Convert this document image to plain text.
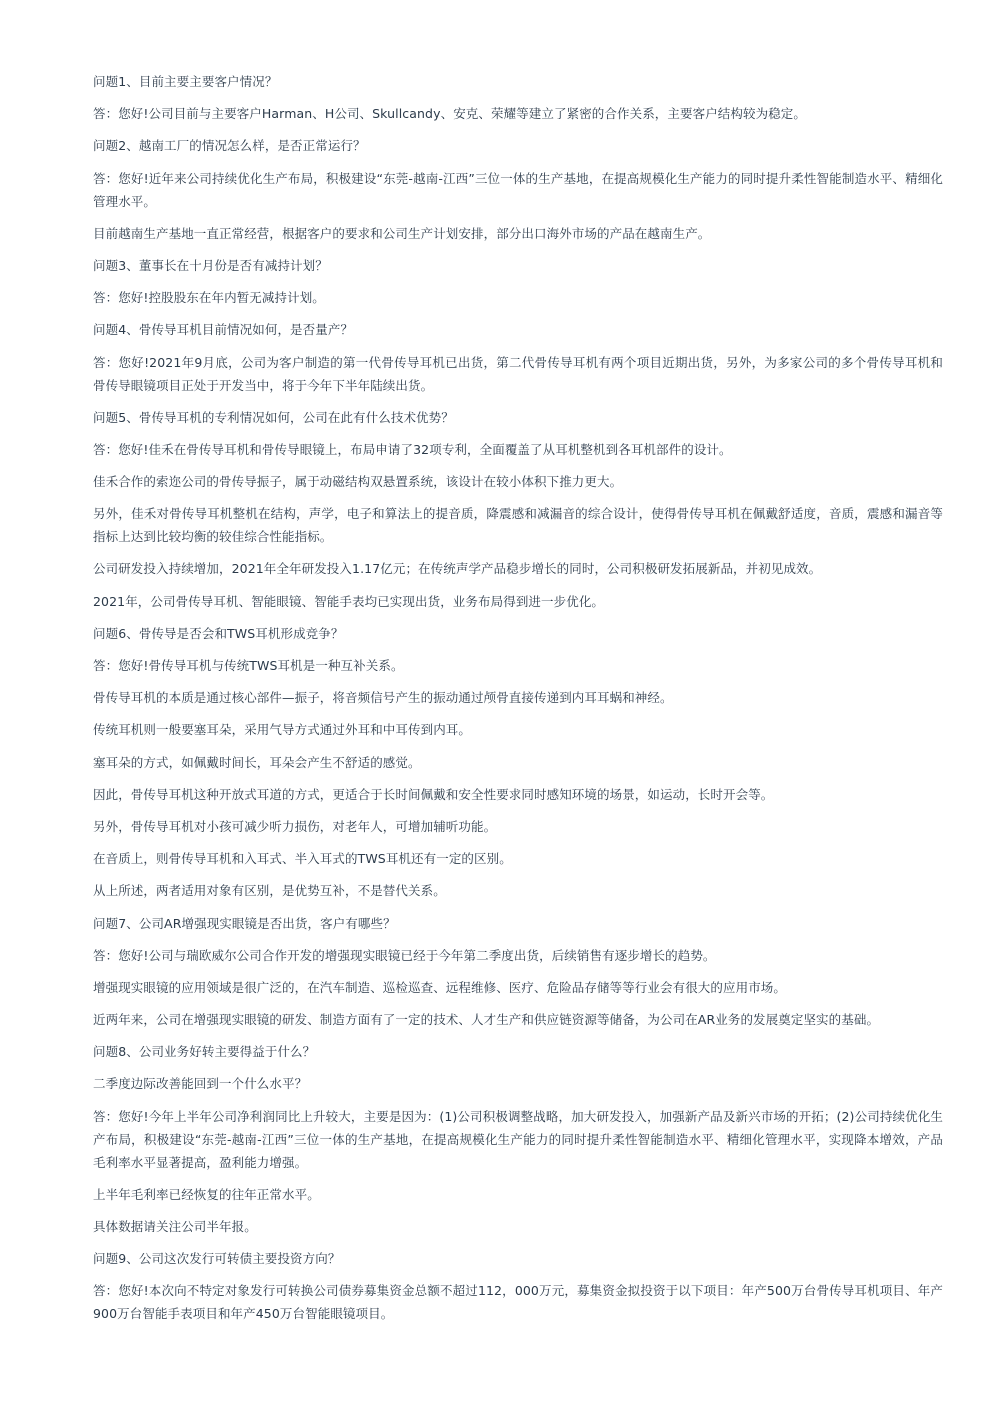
问题1、目前主要主要客户情况？

答：您好!公司目前与主要客户Harman、H公司、Skullcandy、安克、荣耀等建立了紧密的合作关系，主要客户结构较为稳定。

问题2、越南工厂的情况怎么样，是否正常运行？

答：您好!近年来公司持续优化生产布局，积极建设“东莞-越南-江西”三位一体的生产基地，在提高规模化生产能力的同时提升柔性智能制造水平、精细化管理水平。

目前越南生产基地一直正常经营，根据客户的要求和公司生产计划安排，部分出口海外市场的产品在越南生产。

问题3、董事长在十月份是否有减持计划？

答：您好!控股股东在年内暂无减持计划。

问题4、骨传导耳机目前情况如何，是否量产？

答：您好!2021年9月底，公司为客户制造的第一代骨传导耳机已出货，第二代骨传导耳机有两个项目近期出货，另外，为多家公司的多个骨传导耳机和骨传导眼镜项目正处于开发当中，将于今年下半年陆续出货。

问题5、骨传导耳机的专利情况如何，公司在此有什么技术优势？

答：您好!佳禾在骨传导耳机和骨传导眼镜上，布局申请了32项专利，全面覆盖了从耳机整机到各耳机部件的设计。

佳禾合作的索迩公司的骨传导振子，属于动磁结构双悬置系统，该设计在较小体积下推力更大。

另外，佳禾对骨传导耳机整机在结构，声学，电子和算法上的提音质，降震感和减漏音的综合设计，使得骨传导耳机在佩戴舒适度，音质，震感和漏音等指标上达到比较均衡的较佳综合性能指标。

公司研发投入持续增加，2021年全年研发投入1.17亿元；在传统声学产品稳步增长的同时，公司积极研发拓展新品，并初见成效。

2021年，公司骨传导耳机、智能眼镜、智能手表均已实现出货，业务布局得到进一步优化。

问题6、骨传导是否会和TWS耳机形成竞争？

答：您好!骨传导耳机与传统TWS耳机是一种互补关系。

骨传导耳机的本质是通过核心部件—振子，将音频信号产生的振动通过颅骨直接传递到内耳耳蜗和神经。

传统耳机则一般要塞耳朵，采用气导方式通过外耳和中耳传到内耳。

塞耳朵的方式，如佩戴时间长，耳朵会产生不舒适的感觉。

因此，骨传导耳机这种开放式耳道的方式，更适合于长时间佩戴和安全性要求同时感知环境的场景，如运动，长时开会等。

另外，骨传导耳机对小孩可减少听力损伤，对老年人，可增加辅听功能。

在音质上，则骨传导耳机和入耳式、半入耳式的TWS耳机还有一定的区别。

从上所述，两者适用对象有区别，是优势互补，不是替代关系。

问题7、公司AR增强现实眼镜是否出货，客户有哪些？

答：您好!公司与瑞欧威尔公司合作开发的增强现实眼镜已经于今年第二季度出货，后续销售有逐步增长的趋势。

增强现实眼镜的应用领域是很广泛的，在汽车制造、巡检巡查、远程维修、医疗、危险品存储等等行业会有很大的应用市场。

近两年来，公司在增强现实眼镜的研发、制造方面有了一定的技术、人才生产和供应链资源等储备，为公司在AR业务的发展奠定坚实的基础。

问题8、公司业务好转主要得益于什么？

二季度边际改善能回到一个什么水平？

答：您好!今年上半年公司净利润同比上升较大，主要是因为：(1)公司积极调整战略，加大研发投入，加强新产品及新兴市场的开拓；(2)公司持续优化生产布局，积极建设“东莞-越南-江西”三位一体的生产基地，在提高规模化生产能力的同时提升柔性智能制造水平、精细化管理水平，实现降本增效，产品毛利率水平显著提高，盈利能力增强。

上半年毛利率已经恢复的往年正常水平。

具体数据请关注公司半年报。

问题9、公司这次发行可转债主要投资方向？

答：您好!本次向不特定对象发行可转换公司债券募集资金总额不超过112，000万元，募集资金拟投资于以下项目：年产500万台骨传导耳机项目、年产900万台智能手表项目和年产450万台智能眼镜项目。
